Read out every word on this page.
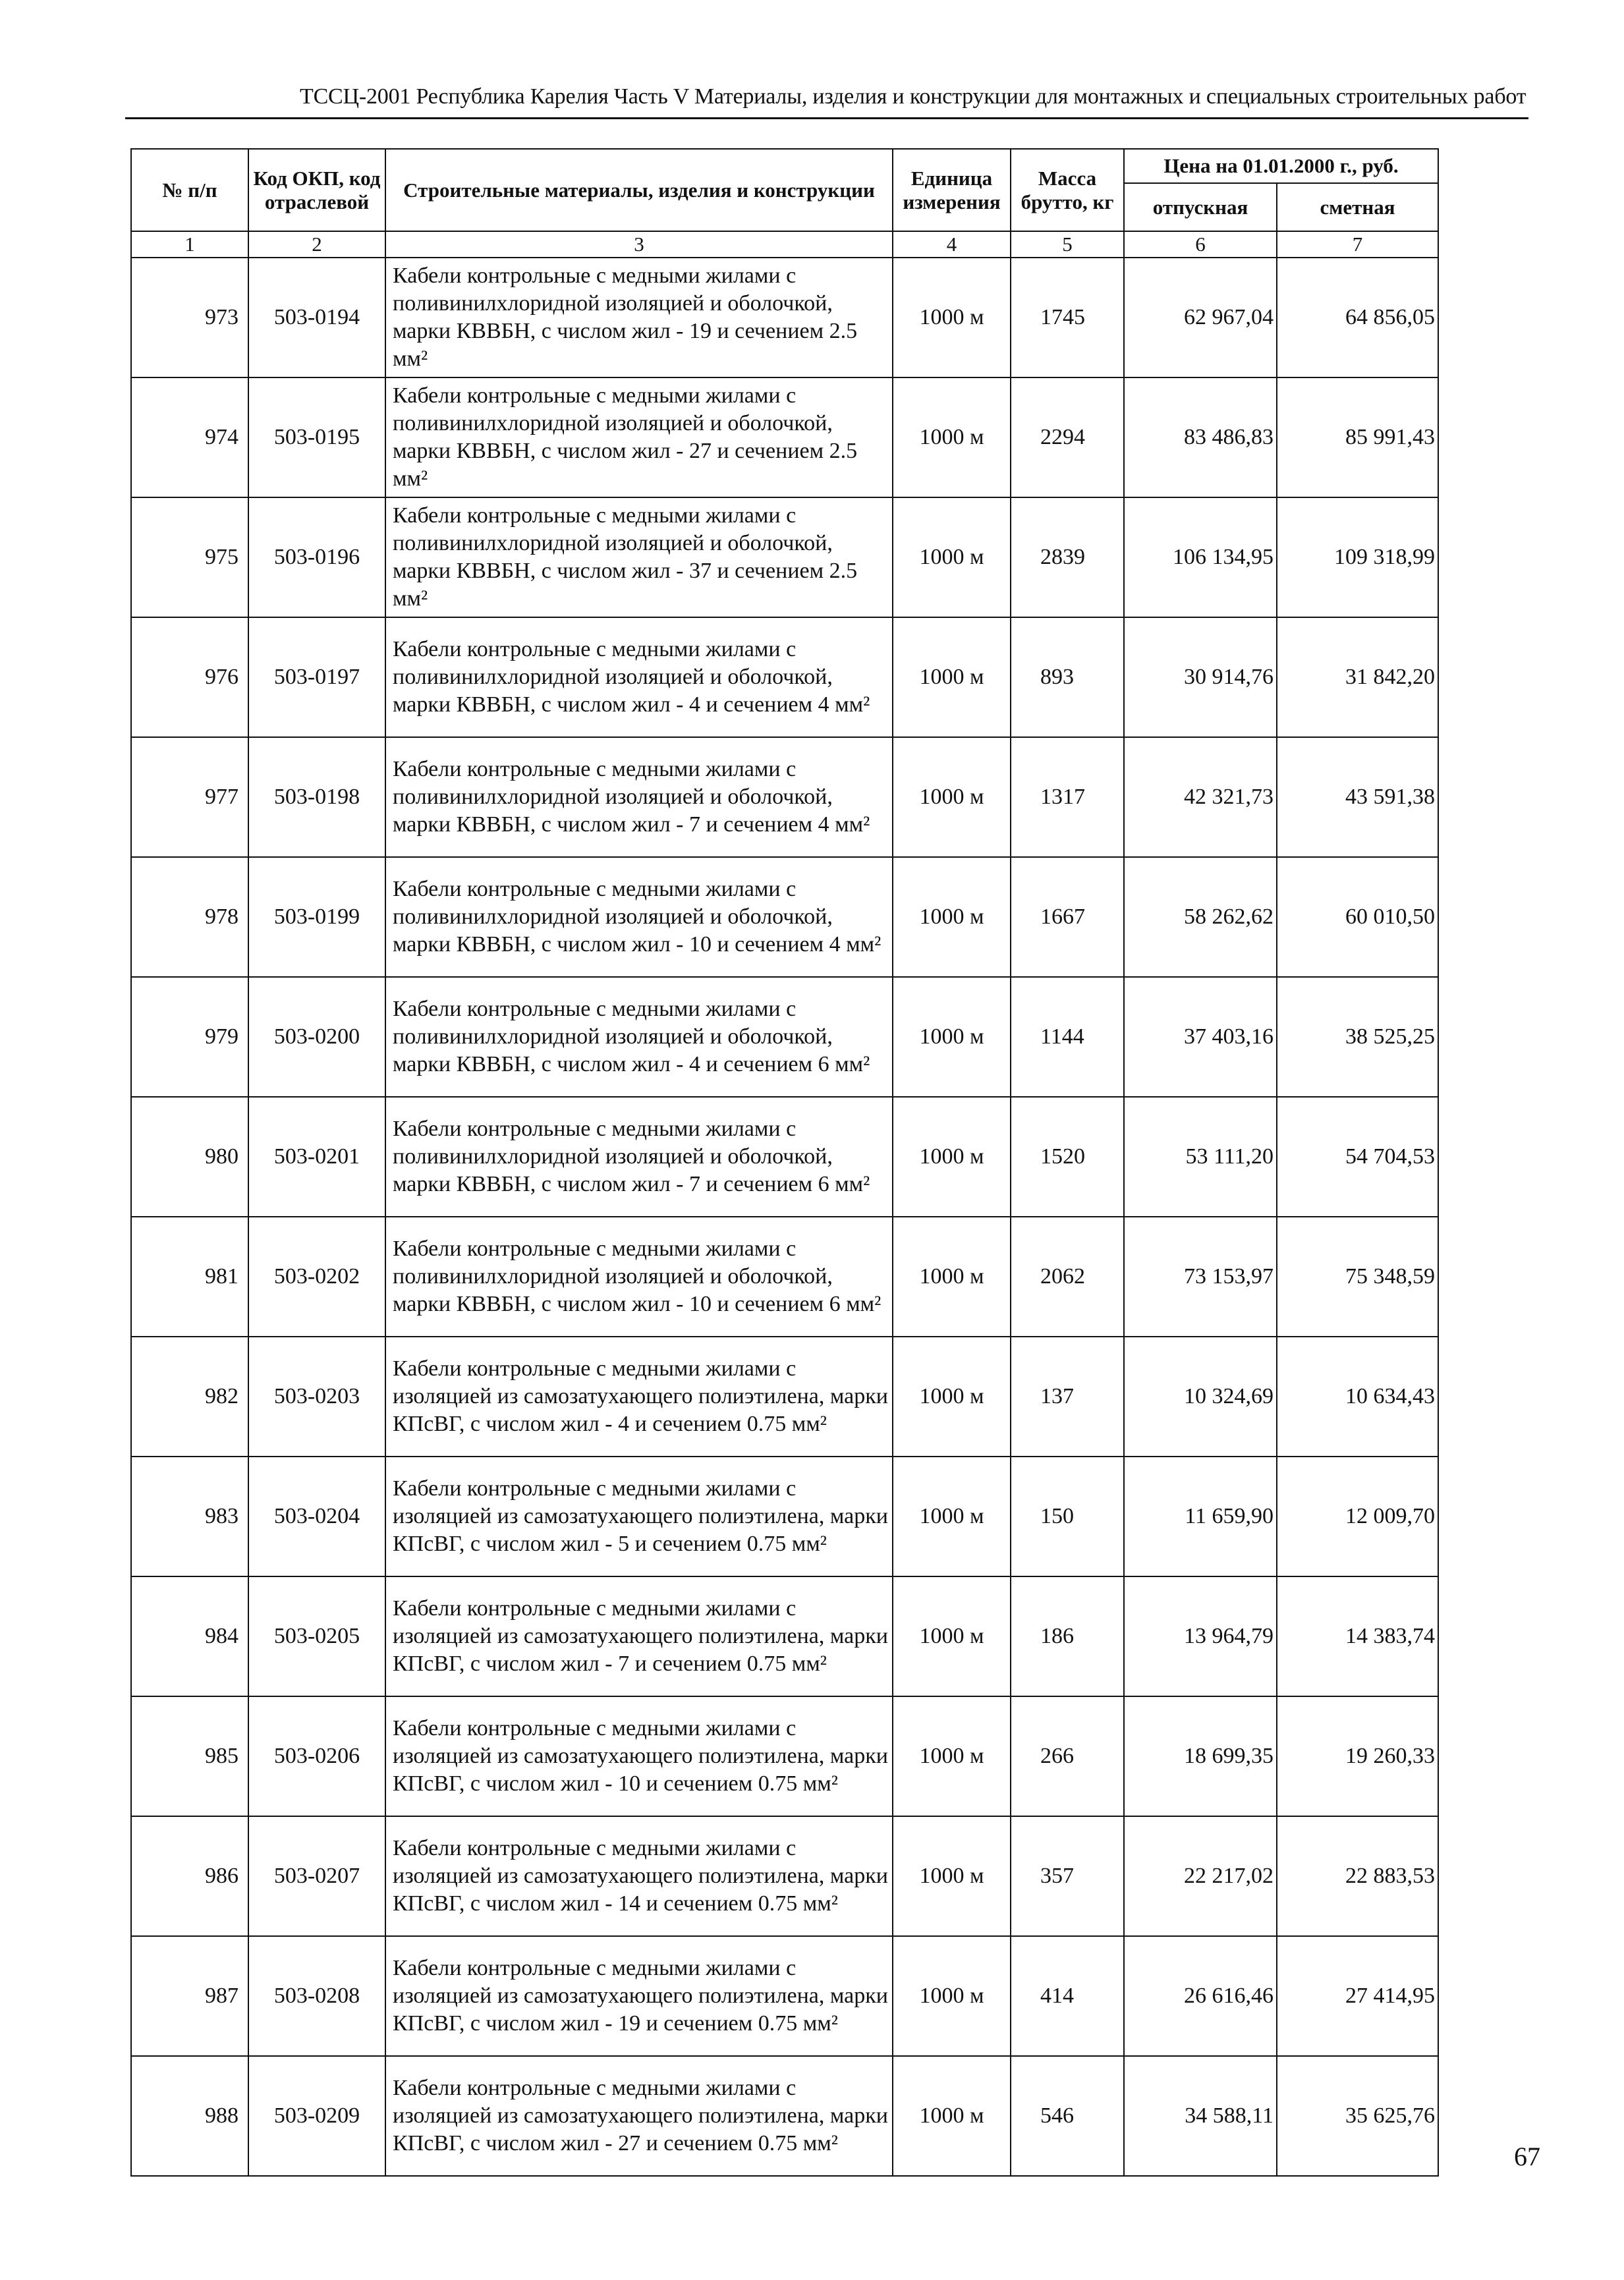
ТССЦ-2001 Республика Карелия Часть V Материалы, изделия и конструкции для монтажных и специальных строительных работ
№ п/п	Код ОКП, код отраслевой	Строительные материалы, изделия и конструкции	Единица измерения	Масса брутто, кг	Цена на 01.01.2000 г., руб.	
					отпускная	сметная
1	2	3	4	5	6	7
973	503-0194	Кабели контрольные с медными жилами с поливинилхлоридной изоляцией и оболочкой, марки КВВБН, с числом жил - 19 и сечением 2.5 мм²	1000 м	1745	62 967,04	64 856,05
974	503-0195	Кабели контрольные с медными жилами с поливинилхлоридной изоляцией и оболочкой, марки КВВБН, с числом жил - 27 и сечением 2.5 мм²	1000 м	2294	83 486,83	85 991,43
975	503-0196	Кабели контрольные с медными жилами с поливинилхлоридной изоляцией и оболочкой, марки КВВБН, с числом жил - 37 и сечением 2.5 мм²	1000 м	2839	106 134,95	109 318,99
976	503-0197	Кабели контрольные с медными жилами с поливинилхлоридной изоляцией и оболочкой, марки КВВБН, с числом жил - 4 и сечением 4 мм²	1000 м	893	30 914,76	31 842,20
977	503-0198	Кабели контрольные с медными жилами с поливинилхлоридной изоляцией и оболочкой, марки КВВБН, с числом жил - 7 и сечением 4 мм²	1000 м	1317	42 321,73	43 591,38
978	503-0199	Кабели контрольные с медными жилами с поливинилхлоридной изоляцией и оболочкой, марки КВВБН, с числом жил - 10 и сечением 4 мм²	1000 м	1667	58 262,62	60 010,50
979	503-0200	Кабели контрольные с медными жилами с поливинилхлоридной изоляцией и оболочкой, марки КВВБН, с числом жил - 4 и сечением 6 мм²	1000 м	1144	37 403,16	38 525,25
980	503-0201	Кабели контрольные с медными жилами с поливинилхлоридной изоляцией и оболочкой, марки КВВБН, с числом жил - 7 и сечением 6 мм²	1000 м	1520	53 111,20	54 704,53
981	503-0202	Кабели контрольные с медными жилами с поливинилхлоридной изоляцией и оболочкой, марки КВВБН, с числом жил - 10 и сечением 6 мм²	1000 м	2062	73 153,97	75 348,59
982	503-0203	Кабели контрольные с медными жилами с изоляцией из самозатухающего полиэтилена, марки КПсВГ, с числом жил - 4 и сечением 0.75 мм²	1000 м	137	10 324,69	10 634,43
983	503-0204	Кабели контрольные с медными жилами с изоляцией из самозатухающего полиэтилена, марки КПсВГ, с числом жил - 5 и сечением 0.75 мм²	1000 м	150	11 659,90	12 009,70
984	503-0205	Кабели контрольные с медными жилами с изоляцией из самозатухающего полиэтилена, марки КПсВГ, с числом жил - 7 и сечением 0.75 мм²	1000 м	186	13 964,79	14 383,74
985	503-0206	Кабели контрольные с медными жилами с изоляцией из самозатухающего полиэтилена, марки КПсВГ, с числом жил - 10 и сечением 0.75 мм²	1000 м	266	18 699,35	19 260,33
986	503-0207	Кабели контрольные с медными жилами с изоляцией из самозатухающего полиэтилена, марки КПсВГ, с числом жил - 14 и сечением 0.75 мм²	1000 м	357	22 217,02	22 883,53
987	503-0208	Кабели контрольные с медными жилами с изоляцией из самозатухающего полиэтилена, марки КПсВГ, с числом жил - 19 и сечением 0.75 мм²	1000 м	414	26 616,46	27 414,95
988	503-0209	Кабели контрольные с медными жилами с изоляцией из самозатухающего полиэтилена, марки КПсВГ, с числом жил - 27 и сечением 0.75 мм²	1000 м	546	34 588,11	35 625,76
67
